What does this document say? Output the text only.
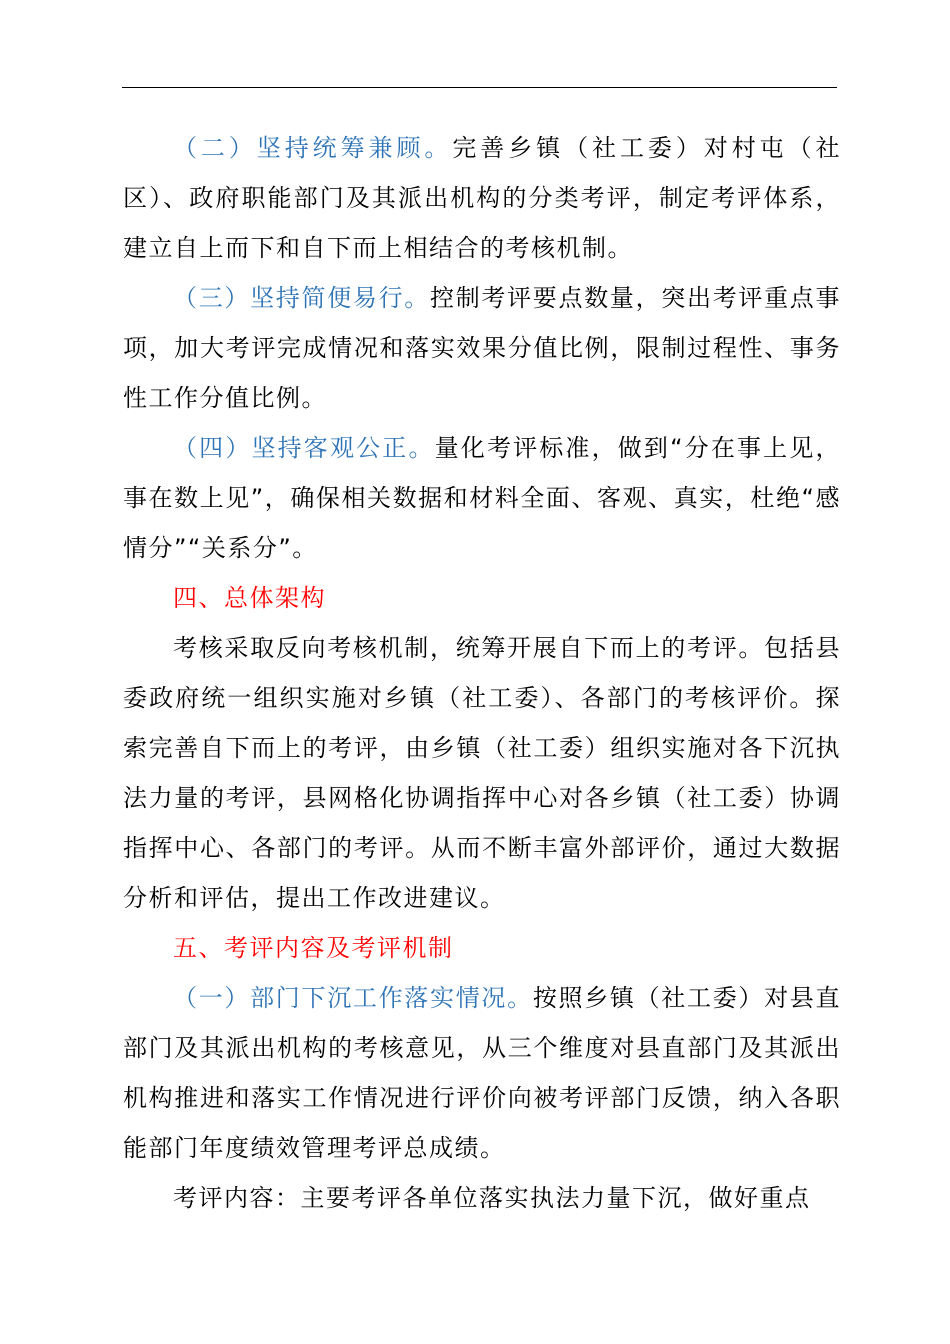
（二）坚持统筹兼顾。完善乡镇（社工委）对村屯（社区）、政府职能部门及其派出机构的分类考评，制定考评体系，建立自上而下和自下而上相结合的考核机制。

（三）坚持简便易行。控制考评要点数量，突出考评重点事项，加大考评完成情况和落实效果分值比例，限制过程性、事务性工作分值比例。

（四）坚持客观公正。量化考评标准，做到“分在事上见，事在数上见”，确保相关数据和材料全面、客观、真实，杜绝“感情分”“关系分”。

四、总体架构

考核采取反向考核机制，统筹开展自下而上的考评。包括县委政府统一组织实施对乡镇（社工委）、各部门的考核评价。探索完善自下而上的考评，由乡镇（社工委）组织实施对各下沉执法力量的考评，县网格化协调指挥中心对各乡镇（社工委）协调指挥中心、各部门的考评。从而不断丰富外部评价，通过大数据分析和评估，提出工作改进建议。

五、考评内容及考评机制

（一）部门下沉工作落实情况。按照乡镇（社工委）对县直部门及其派出机构的考核意见，从三个维度对县直部门及其派出机构推进和落实工作情况进行评价向被考评部门反馈，纳入各职能部门年度绩效管理考评总成绩。

考评内容：主要考评各单位落实执法力量下沉，做好重点
